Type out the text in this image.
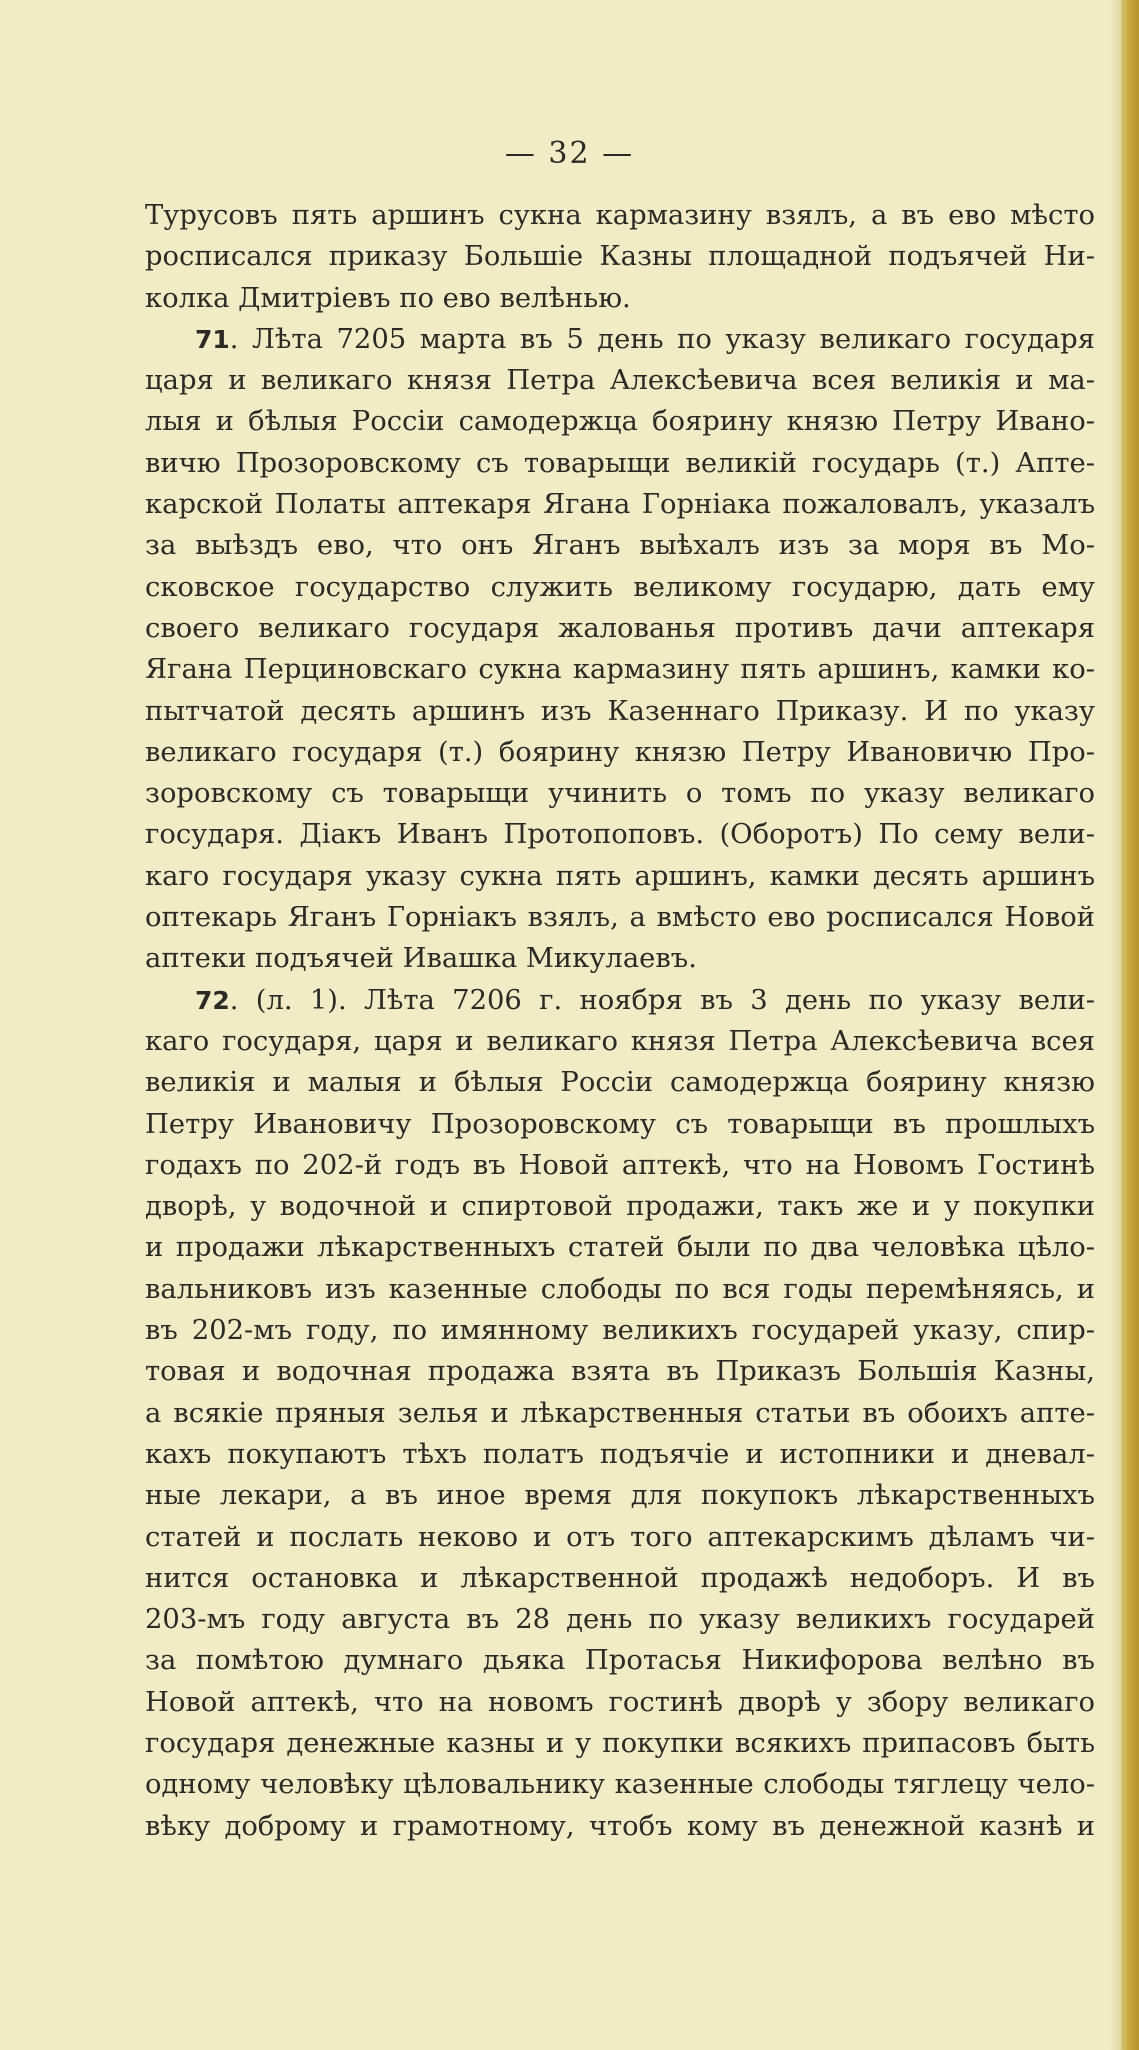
— 32 —
Турусовъ пять аршинъ сукна кармазину взялъ, а въ ево мѣсто
росписался приказу Большіе Казны площадной подъячей Ни-
колка Дмитріевъ по ево велѣнью.
71. Лѣта 7205 марта въ 5 день по указу великаго государя
царя и великаго князя Петра Алексѣевича всея великія и ма-
лыя и бѣлыя Россіи самодержца боярину князю Петру Ивано-
вичю Прозоровскому съ товарыщи великій государь (т.) Апте-
карской Полаты аптекаря Ягана Горніака пожаловалъ, указалъ
за выѣздъ ево, что онъ Яганъ выѣхалъ изъ за моря въ Мо-
сковское государство служить великому государю, дать ему
своего великаго государя жалованья противъ дачи аптекаря
Ягана Перциновскаго сукна кармазину пять аршинъ, камки ко-
пытчатой десять аршинъ изъ Казеннаго Приказу. И по указу
великаго государя (т.) боярину князю Петру Ивановичю Про-
зоровскому съ товарыщи учинить о томъ по указу великаго
государя. Діакъ Иванъ Протопоповъ. (Оборотъ) По сему вели-
каго государя указу сукна пять аршинъ, камки десять аршинъ
оптекарь Яганъ Горніакъ взялъ, а вмѣсто ево росписался Новой
аптеки подъячей Ивашка Микулаевъ.
72. (л. 1). Лѣта 7206 г. ноября въ 3 день по указу вели-
каго государя, царя и великаго князя Петра Алексѣевича всея
великія и малыя и бѣлыя Россіи самодержца боярину князю
Петру Ивановичу Прозоровскому съ товарыщи въ прошлыхъ
годахъ по 202-й годъ въ Новой аптекѣ, что на Новомъ Гостинѣ
дворѣ, у водочной и спиртовой продажи, такъ же и у покупки
и продажи лѣкарственныхъ статей были по два человѣка цѣло-
вальниковъ изъ казенные слободы по вся годы перемѣняясь, и
въ 202-мъ году, по имянному великихъ государей указу, спир-
товая и водочная продажа взята въ Приказъ Большія Казны,
а всякіе пряныя зелья и лѣкарственныя статьи въ обоихъ апте-
кахъ покупаютъ тѣхъ полатъ подъячіе и истопники и днeвал-
ные лекари, а въ иное время для покупокъ лѣкарственныхъ
статей и послать нековo и отъ того аптекарскимъ дѣламъ чи-
нится остановка и лѣкарственной продажѣ недоборъ. И въ
203-мъ году августа въ 28 день по указу великихъ государей
за помѣтою думнаго дьяка Протасья Никифорова велѣно въ
Новой аптекѣ, что на новомъ гостинѣ дворѣ у збору великаго
государя денежные казны и у покупки всякихъ припасовъ быть
одному человѣку цѣловальнику казенные слободы тяглецу чело-
вѣку доброму и грамотному, чтобъ кому въ денежной казнѣ и
